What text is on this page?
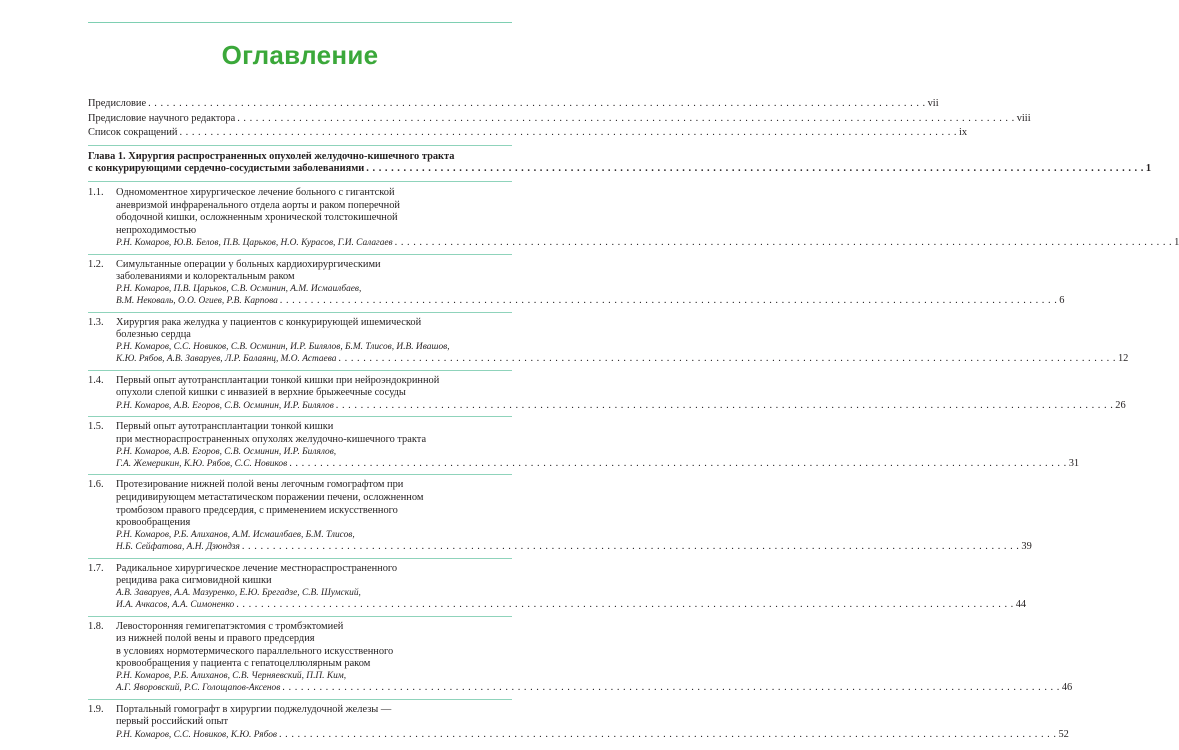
Оглавление
Предисловие . . .	vii
Предисловие научного редактора . . .	viii
Список сокращений . . .	ix
Глава 1. Хирургия распространенных опухолей желудочно-кишечного тракта
с конкурирующими сердечно-сосудистыми заболеваниями . . .	1
1.1.	Одномоментное хирургическое лечение больного с гигантской
аневризмой инфраренального отдела аорты и раком поперечной
ободочной кишки, осложненным хронической толстокишечной
непроходимостью
Р.Н. Комаров, Ю.В. Белов, П.В. Царьков, Н.О. Курасов, Г.И. Салагаев . . .	1
1.2.	Симультанные операции у больных кардиохирургическими
заболеваниями и колоректальным раком
Р.Н. Комаров, П.В. Царьков, С.В. Осминин, А.М. Исмаилбаев,
В.М. Нековаль, О.О. Огиев, Р.В. Карпова . . .	6
1.3.	Хирургия рака желудка у пациентов с конкурирующей ишемической
болезнью сердца
Р.Н. Комаров, С.С. Новиков, С.В. Осминин, И.Р. Билялов, Б.М. Тлисов, И.В. Ивашов,
К.Ю. Рябов, А.В. Заваруев, Л.Р. Балаянц, М.О. Астаева . . .	12
1.4.	Первый опыт аутотрансплантации тонкой кишки при нейроэндокринной
опухоли слепой кишки с инвазией в верхние брыжеечные сосуды
Р.Н. Комаров, А.В. Егоров, С.В. Осминин, И.Р. Билялов . . .	26
1.5.	Первый опыт аутотрансплантации тонкой кишки
при местнораспространенных опухолях желудочно-кишечного тракта
Р.Н. Комаров, А.В. Егоров, С.В. Осминин, И.Р. Билялов,
Г.А. Жемерикин, К.Ю. Рябов, С.С. Новиков . . .	31
1.6.	Протезирование нижней полой вены легочным гомографтом при
рецидивирующем метастатическом поражении печени, осложненном
тромбозом правого предсердия, с применением искусственного
кровообращения
Р.Н. Комаров, Р.Б. Алиханов, А.М. Исмаилбаев, Б.М. Тлисов,
Н.Б. Сейфатова, А.Н. Дзюндзя . . .	39
1.7.	Радикальное хирургическое лечение местнораспространенного
рецидива рака сигмовидной кишки
А.В. Заваруев, А.А. Мазуренко, Е.Ю. Брегадзе, С.В. Шумский,
И.А. Ачкасов, А.А. Симоненко . . .	44
1.8.	Левосторонняя гемигепатэктомия с тромбэктомией
из нижней полой вены и правого предсердия
в условиях нормотермического параллельного искусственного
кровообращения у пациента с гепатоцеллюлярным раком
Р.Н. Комаров, Р.Б. Алиханов, С.В. Черняевский, П.П. Ким,
А.Г. Яворовский, Р.С. Голощапов-Аксенов . . .	46
1.9.	Портальный гомографт в хирургии поджелудочной железы —
первый российский опыт
Р.Н. Комаров, С.С. Новиков, К.Ю. Рябов . . .	52
